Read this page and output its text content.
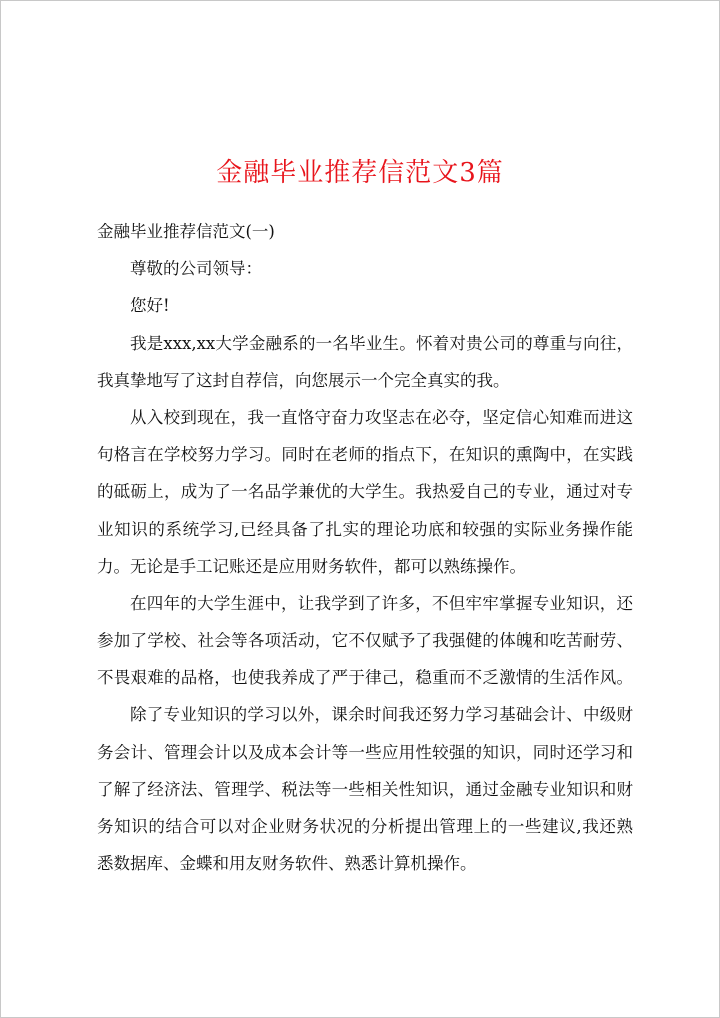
金融毕业推荐信范文3篇
金融毕业推荐信范文(一)
尊敬的公司领导：
您好!
我是xxx,xx大学金融系的一名毕业生。怀着对贵公司的尊重与向往，
我真挚地写了这封自荐信，向您展示一个完全真实的我。
从入校到现在，我一直恪守奋力攻坚志在必夺，坚定信心知难而进这
句格言在学校努力学习。同时在老师的指点下，在知识的熏陶中，在实践
的砥砺上，成为了一名品学兼优的大学生。我热爱自己的专业，通过对专
业知识的系统学习,已经具备了扎实的理论功底和较强的实际业务操作能
力。无论是手工记账还是应用财务软件，都可以熟练操作。
在四年的大学生涯中，让我学到了许多，不但牢牢掌握专业知识，还
参加了学校、社会等各项活动，它不仅赋予了我强健的体魄和吃苦耐劳、
不畏艰难的品格，也使我养成了严于律己，稳重而不乏激情的生活作风。
除了专业知识的学习以外，课余时间我还努力学习基础会计、中级财
务会计、管理会计以及成本会计等一些应用性较强的知识，同时还学习和
了解了经济法、管理学、税法等一些相关性知识，通过金融专业知识和财
务知识的结合可以对企业财务状况的分析提出管理上的一些建议,我还熟
悉数据库、金蝶和用友财务软件、熟悉计算机操作。
